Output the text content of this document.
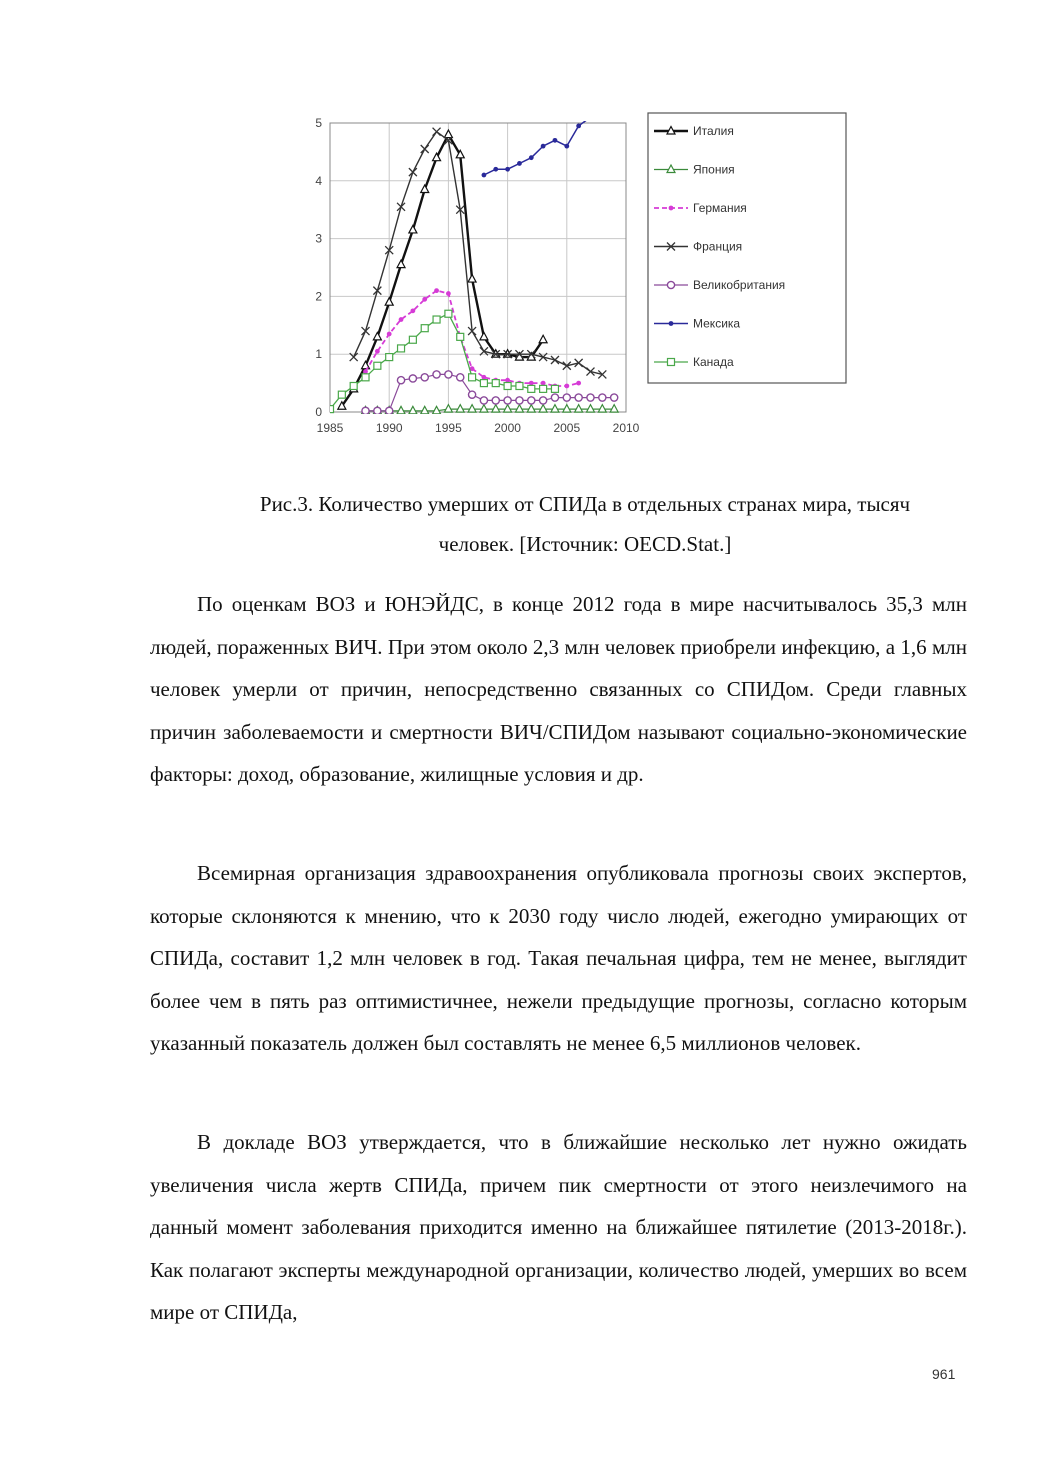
0
1
2
3
4
5
1985	1990	1995	2000	2005	2010
Италия
Япония
Германия
Франция
Великобритания
Мексика
Канада
Рис.3. Количество умерших от СПИДа в отдельных странах мира, тысяч
человек. [Источник: OECD.Stat.]

По оценкам ВОЗ и ЮНЭЙДС, в конце 2012 года в мире насчитывалось 35,3 млн людей, пораженных ВИЧ. При этом около 2,3 млн человек приобрели инфекцию, а 1,6 млн человек умерли от причин, непосредственно связанных со СПИДом. Среди главных причин заболеваемости и смертности ВИЧ/СПИДом называют социально-экономические факторы: доход, образование, жилищные условия и др.

Всемирная организация здравоохранения опубликовала прогнозы своих экспертов, которые склоняются к мнению, что к 2030 году число людей, ежегодно умирающих от СПИДа, составит 1,2 млн человек в год. Такая печальная цифра, тем не менее, выглядит более чем в пять раз оптимистичнее, нежели предыдущие прогнозы, согласно которым указанный показатель должен был составлять не менее 6,5 миллионов человек.

В докладе ВОЗ утверждается, что в ближайшие несколько лет нужно ожидать увеличения числа жертв СПИДа, причем пик смертности от этого неизлечимого на данный момент заболевания приходится именно на ближайшее пятилетие (2013-2018г.). Как полагают эксперты международной организации, количество людей, умерших во всем мире от СПИДа,

961
